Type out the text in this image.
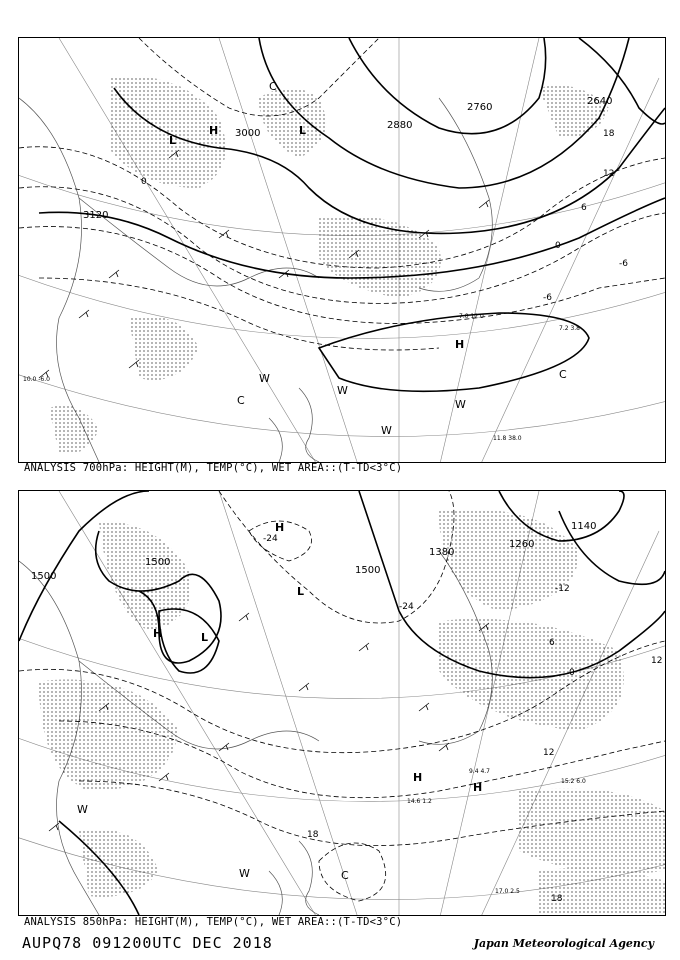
11.8 38.0
7.2 3.8
7.0 12.0
10.0 -6.0
3120
3000
2880
2760
2640
0
-6
-6
0
6
12
18
H
L
L
C
H
C
W
W
W
W
C
ANALYSIS 700hPa: HEIGHT(M), TEMP(°C), WET AREA::(T-TD<3°C)
17.0 2.5
15.2 6.0
9.4 4.7
14.6 1.2
1500
1500
1500
1380
1260
1140
-24
-24
-12
0
6
12
12
18
18
H	L
H
L
H
H
W
W	C
ANALYSIS 850hPa: HEIGHT(M), TEMP(°C), WET AREA::(T-TD<3°C)
AUPQ78 091200UTC DEC 2018	Japan Meteorological Agency
